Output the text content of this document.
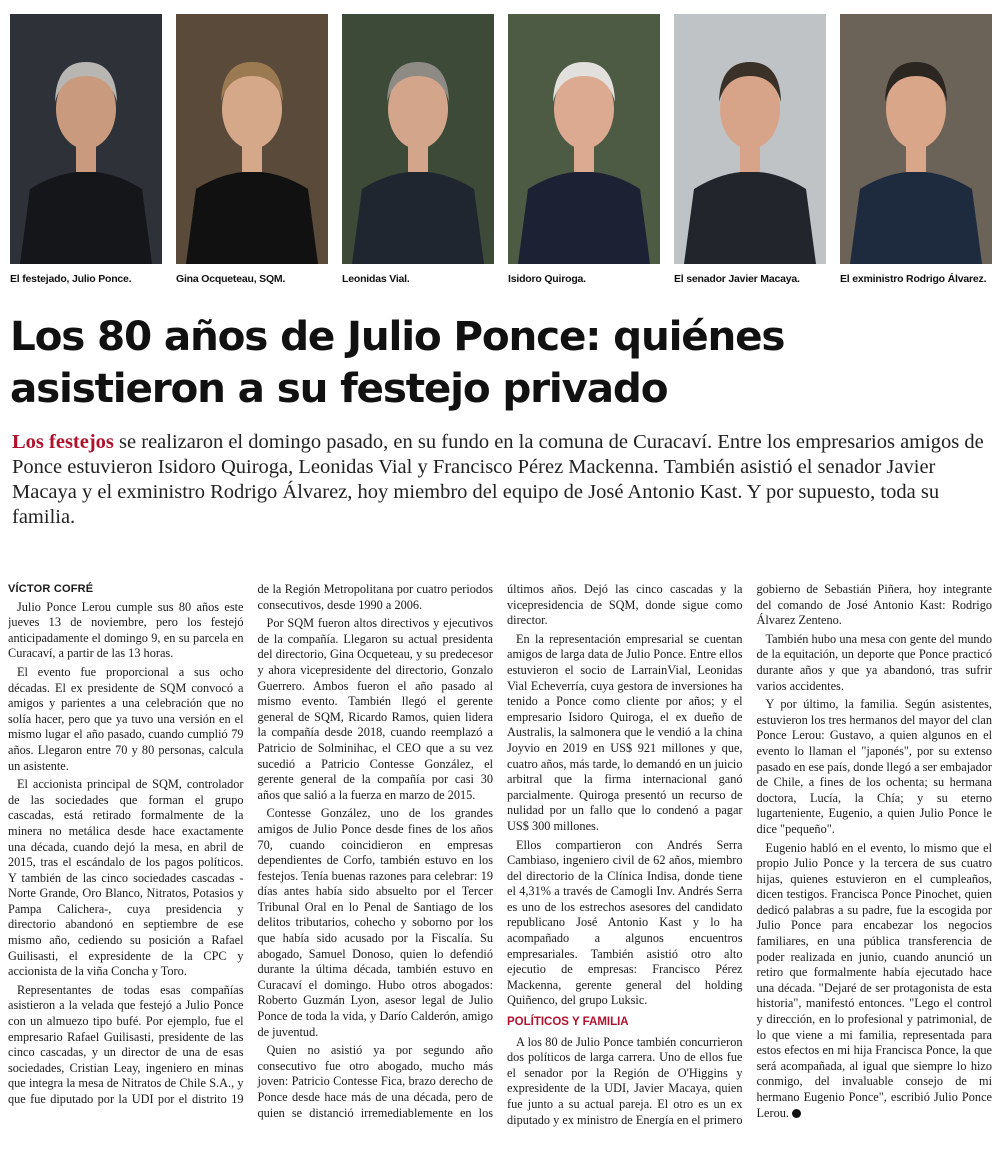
El festejado, Julio Ponce.	Gina Ocqueteau, SQM.	Leonidas Vial.	Isidoro Quiroga.	El senador Javier Macaya.	El exministro Rodrigo Álvarez.
Los 80 años de Julio Ponce: quiénes asistieron a su festejo privado

Los festejos se realizaron el domingo pasado, en su fundo en la comuna de Curacaví. Entre los empresarios amigos de Ponce estuvieron Isidoro Quiroga, Leonidas Vial y Francisco Pérez Mackenna. También asistió el senador Javier Macaya y el exministro Rodrigo Álvarez, hoy miembro del equipo de José Antonio Kast. Y por supuesto, toda su familia.

VÍCTOR COFRÉ

Julio Ponce Lerou cumple sus 80 años este jueves 13 de noviembre, pero los festejó anticipadamente el domingo 9, en su parcela en Curacaví, a partir de las 13 horas.

El evento fue proporcional a sus ocho décadas. El ex presidente de SQM convocó a amigos y parientes a una celebración que no solía hacer, pero que ya tuvo una versión en el mismo lugar el año pasado, cuando cumplió 79 años. Llegaron entre 70 y 80 personas, calcula un asistente.

El accionista principal de SQM, controlador de las sociedades que forman el grupo cascadas, está retirado formalmente de la minera no metálica desde hace exactamente una década, cuando dejó la mesa, en abril de 2015, tras el escándalo de los pagos políticos. Y también de las cinco sociedades cascadas -Norte Grande, Oro Blanco, Nitratos, Potasios y Pampa Calichera-, cuya presidencia y directorio abandonó en septiembre de ese mismo año, cediendo su posición a Rafael Guilisasti, el expresidente de la CPC y accionista de la viña Concha y Toro.

Representantes de todas esas compañías asistieron a la velada que festejó a Julio Ponce con un almuezo tipo bufé. Por ejemplo, fue el empresario Rafael Guilisasti, presidente de las cinco cascadas, y un director de una de esas sociedades, Cristian Leay, ingeniero en minas que integra la mesa de Nitratos de Chile S.A., y que fue diputado por la UDI por el distrito 19 de la Región Metropolitana por cuatro periodos consecutivos, desde 1990 a 2006.

Por SQM fueron altos directivos y ejecutivos de la compañía. Llegaron su actual presidenta del directorio, Gina Ocqueteau, y su predecesor y ahora vicepresidente del directorio, Gonzalo Guerrero. Ambos fueron el año pasado al mismo evento. También llegó el gerente general de SQM, Ricardo Ramos, quien lidera la compañía desde 2018, cuando reemplazó a Patricio de Solminihac, el CEO que a su vez sucedió a Patricio Contesse González, el gerente general de la compañía por casi 30 años que salió a la fuerza en marzo de 2015.

Contesse González, uno de los grandes amigos de Julio Ponce desde fines de los años 70, cuando coincidieron en empresas dependientes de Corfo, también estuvo en los festejos. Tenía buenas razones para celebrar: 19 días antes había sido absuelto por el Tercer Tribunal Oral en lo Penal de Santiago de los delitos tributarios, cohecho y soborno por los que había sido acusado por la Fiscalía. Su abogado, Samuel Donoso, quien lo defendió durante la última década, también estuvo en Curacaví el domingo. Hubo otros abogados: Roberto Guzmán Lyon, asesor legal de Julio Ponce de toda la vida, y Darío Calderón, amigo de juventud.

Quien no asistió ya por segundo año consecutivo fue otro abogado, mucho más joven: Patricio Contesse Fica, brazo derecho de Ponce desde hace más de una década, pero de quien se distanció irremediablemente en los últimos años. Dejó las cinco cascadas y la vicepresidencia de SQM, donde sigue como director.

En la representación empresarial se cuentan amigos de larga data de Julio Ponce. Entre ellos estuvieron el socio de LarrainVial, Leonidas Vial Echeverría, cuya gestora de inversiones ha tenido a Ponce como cliente por años; y el empresario Isidoro Quiroga, el ex dueño de Australis, la salmonera que le vendió a la china Joyvio en 2019 en US$ 921 millones y que, cuatro años, más tarde, lo demandó en un juicio arbitral que la firma internacional ganó parcialmente. Quiroga presentó un recurso de nulidad por un fallo que lo condenó a pagar US$ 300 millones.

Ellos compartieron con Andrés Serra Cambiaso, ingeniero civil de 62 años, miembro del directorio de la Clínica Indisa, donde tiene el 4,31% a través de Camogli Inv. Andrés Serra es uno de los estrechos asesores del candidato republicano José Antonio Kast y lo ha acompañado a algunos encuentros empresariales. También asistió otro alto ejecutio de empresas: Francisco Pérez Mackenna, gerente general del holding Quiñenco, del grupo Luksic.

POLÍTICOS Y FAMILIA

A los 80 de Julio Ponce también concurrieron dos políticos de larga carrera. Uno de ellos fue el senador por la Región de O'Higgins y expresidente de la UDI, Javier Macaya, quien fue junto a su actual pareja. El otro es un ex diputado y ex ministro de Energía en el primero gobierno de Sebastián Piñera, hoy integrante del comando de José Antonio Kast: Rodrigo Álvarez Zenteno.

También hubo una mesa con gente del mundo de la equitación, un deporte que Ponce practicó durante años y que ya abandonó, tras sufrir varios accidentes.

Y por último, la familia. Según asistentes, estuvieron los tres hermanos del mayor del clan Ponce Lerou: Gustavo, a quien algunos en el evento lo llaman el "japonés", por su extenso pasado en ese país, donde llegó a ser embajador de Chile, a fines de los ochenta; su hermana doctora, Lucía, la Chía; y su eterno lugarteniente, Eugenio, a quien Julio Ponce le dice "pequeño".

Eugenio habló en el evento, lo mismo que el propio Julio Ponce y la tercera de sus cuatro hijas, quienes estuvieron en el cumpleaños, dicen testigos. Francisca Ponce Pinochet, quien dedicó palabras a su padre, fue la escogida por Julio Ponce para encabezar los negocios familiares, en una pública transferencia de poder realizada en junio, cuando anunció un retiro que formalmente había ejecutado hace una década. "Dejaré de ser protagonista de esta historia", manifestó entonces. "Lego el control y dirección, en lo profesional y patrimonial, de lo que viene a mi familia, representada para estos efectos en mi hija Francisca Ponce, la que será acompañada, al igual que siempre lo hizo conmigo, del invaluable consejo de mi hermano Eugenio Ponce", escribió Julio Ponce Lerou. P
